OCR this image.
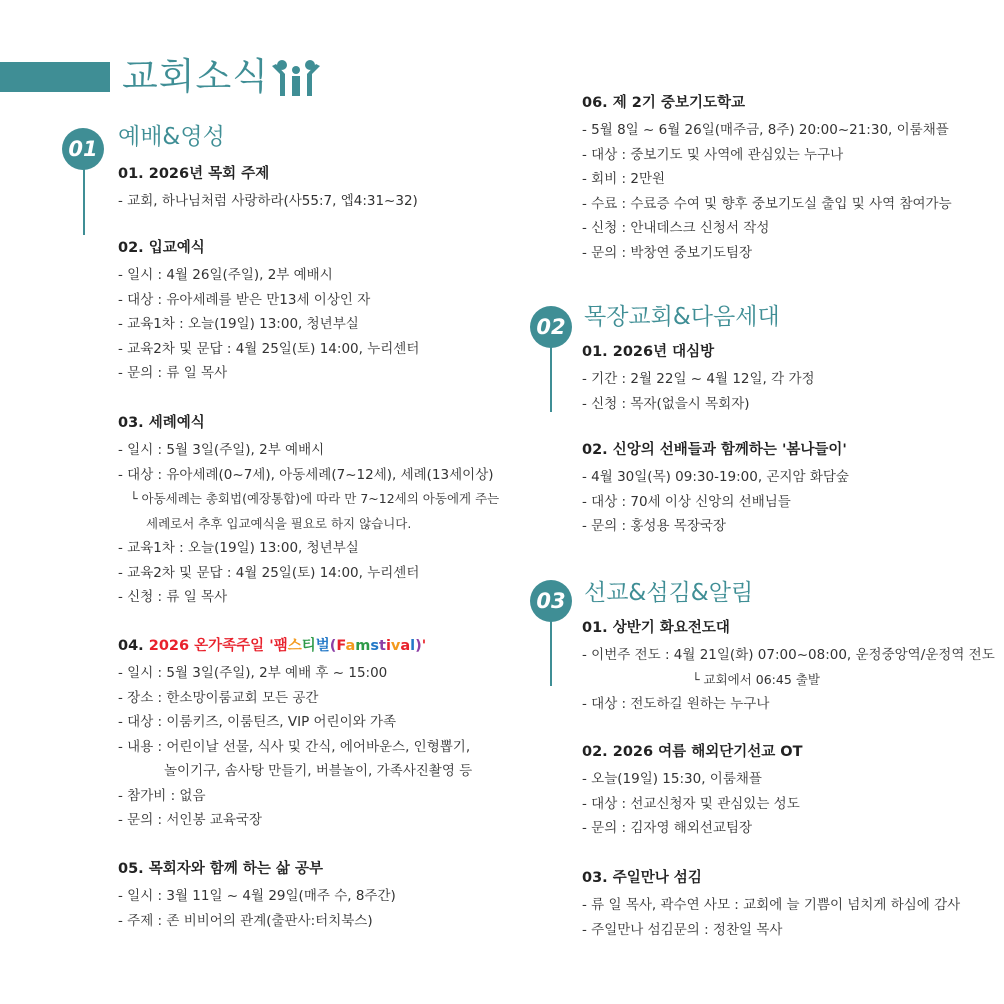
교회소식
01 예배&영성
01. 2026년 목회 주제
- 교회, 하나님처럼 사랑하라(사55:7, 엡4:31~32)
02. 입교예식
- 일시 : 4월 26일(주일), 2부 예배시
- 대상 : 유아세례를 받은 만13세 이상인 자
- 교육1차 : 오늘(19일) 13:00, 청년부실
- 교육2차 및 문답 : 4월 25일(토) 14:00, 누리센터
- 문의 : 류 일 목사
03. 세례예식
- 일시 : 5월 3일(주일), 2부 예배시
- 대상 : 유아세례(0~7세), 아동세례(7~12세), 세례(13세이상)
└ 아동세례는 총회법(예장통합)에 따라 만 7~12세의 아동에게 주는
세례로서 추후 입교예식을 필요로 하지 않습니다.
- 교육1차 : 오늘(19일) 13:00, 청년부실
- 교육2차 및 문답 : 4월 25일(토) 14:00, 누리센터
- 신청 : 류 일 목사
04. 2026 온가족주일 '팸스티벌(Famstival)'
- 일시 : 5월 3일(주일), 2부 예배 후 ~ 15:00
- 장소 : 한소망이룸교회 모든 공간
- 대상 : 이룸키즈, 이룸틴즈, VIP 어린이와 가족
- 내용 : 어린이날 선물, 식사 및 간식, 에어바운스, 인형뽑기,
놀이기구, 솜사탕 만들기, 버블놀이, 가족사진촬영 등
- 참가비 : 없음
- 문의 : 서인봉 교육국장
05. 목회자와 함께 하는 삶 공부
- 일시 : 3월 11일 ~ 4월 29일(매주 수, 8주간)
- 주제 : 존 비비어의 관계(출판사:터치북스)
06. 제 2기 중보기도학교
- 5월 8일 ~ 6월 26일(매주금, 8주) 20:00~21:30, 이룸채플
- 대상 : 중보기도 및 사역에 관심있는 누구나
- 회비 : 2만원
- 수료 : 수료증 수여 및 향후 중보기도실 출입 및 사역 참여가능
- 신청 : 안내데스크 신청서 작성
- 문의 : 박창연 중보기도팀장
02 목장교회&다음세대
01. 2026년 대심방
- 기간 : 2월 22일 ~ 4월 12일, 각 가정
- 신청 : 목자(없을시 목회자)
02. 신앙의 선배들과 함께하는 '봄나들이'
- 4월 30일(목) 09:30-19:00, 곤지암 화담숲
- 대상 : 70세 이상 신앙의 선배님들
- 문의 : 홍성용 목장국장
03 선교&섬김&알림
01. 상반기 화요전도대
- 이번주 전도 : 4월 21일(화) 07:00~08:00, 운정중앙역/운정역 전도
└ 교회에서 06:45 출발
- 대상 : 전도하길 원하는 누구나
02. 2026 여름 해외단기선교 OT
- 오늘(19일) 15:30, 이룸채플
- 대상 : 선교신청자 및 관심있는 성도
- 문의 : 김자영 해외선교팀장
03. 주일만나 섬김
- 류 일 목사, 곽수연 사모 : 교회에 늘 기쁨이 넘치게 하심에 감사
- 주일만나 섬김문의 : 정찬일 목사
